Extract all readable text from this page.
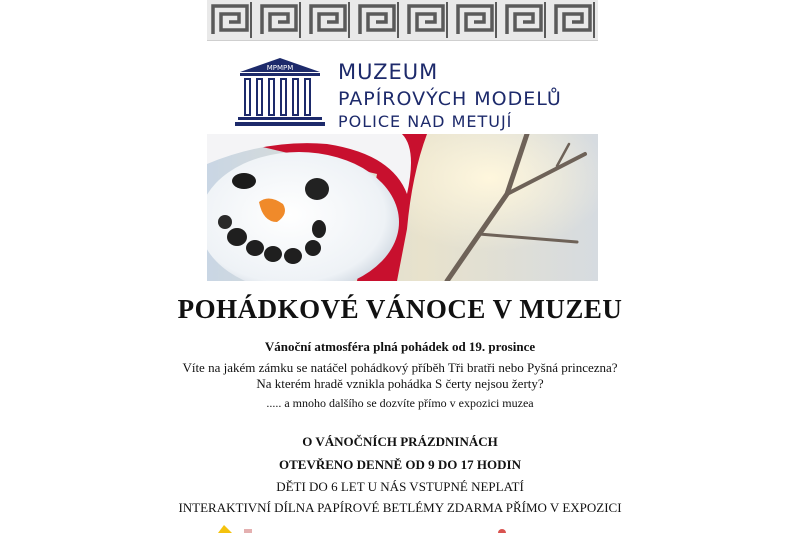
MPMPM MUZEUM
PAPÍROVÝCH MODELŮ
POLICE NAD METUJÍ
POHÁDKOVÉ VÁNOCE V MUZEU
Vánoční atmosféra plná pohádek od 19. prosince
Víte na jakém zámku se natáčel pohádkový příběh Tři bratři nebo Pyšná princezna?
Na kterém hradě vznikla pohádka S čerty nejsou žerty?
..... a mnoho dalšího se dozvíte přímo v expozici muzea
O VÁNOČNÍCH PRÁZDNINÁCH
OTEVŘENO DENNĚ OD 9 DO 17 HODIN
DĚTI DO 6 LET U NÁS VSTUPNÉ NEPLATÍ
INTERAKTIVNÍ DÍLNA PAPÍROVÉ BETLÉMY ZDARMA PŘÍMO V EXPOZICI
